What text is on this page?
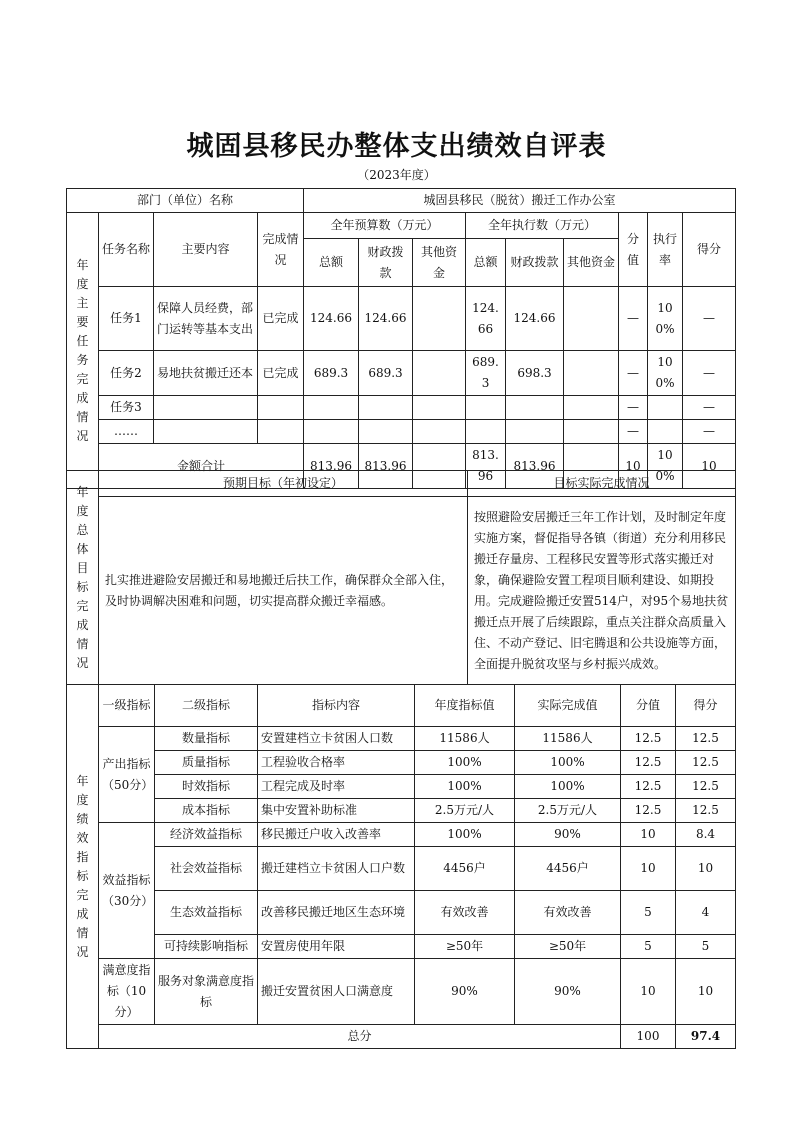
城固县移民办整体支出绩效自评表
（2023年度）
部门（单位）名称				城固县移民（脱贫）搬迁工作办公室								
年度主要任务完成情况	任务名称	主要内容	完成情况	全年预算数（万元）			全年执行数（万元）			分值	执行率	得分
				总额	财政拨款	其他资金	总额	财政拨款	其他资金			
	任务1	保障人员经费，部门运转等基本支出	已完成	124.66	124.66		124.66	124.66		—	100%	—
	任务2	易地扶贫搬迁还本	已完成	689.3	689.3		689.3	698.3		—	100%	—
	任务3									—		—
	……									—		—
	金额合计			813.96	813.96		813.96	813.96		10	100%	10
年度总体目标完成情况	预期目标（年初设定）	目标实际完成情况
	扎实推进避险安居搬迁和易地搬迁后扶工作，确保群众全部入住，及时协调解决困难和问题，切实提高群众搬迁幸福感。	按照避险安居搬迁三年工作计划，及时制定年度实施方案，督促指导各镇（街道）充分利用移民搬迁存量房、工程移民安置等形式落实搬迁对象，确保避险安置工程项目顺利建设、如期投用。完成避险搬迁安置514户，对95个易地扶贫搬迁点开展了后续跟踪，重点关注群众高质量入住、不动产登记、旧宅腾退和公共设施等方面，全面提升脱贫攻坚与乡村振兴成效。
年度绩效指标完成情况	一级指标	二级指标	指标内容	年度指标值	实际完成值	分值	得分
	产出指标（50分）	数量指标	安置建档立卡贫困人口数	11586人	11586人	12.5	12.5
		质量指标	工程验收合格率	100%	100%	12.5	12.5
		时效指标	工程完成及时率	100%	100%	12.5	12.5
		成本指标	集中安置补助标准	2.5万元/人	2.5万元/人	12.5	12.5
	效益指标（30分）	经济效益指标	移民搬迁户收入改善率	100%	90%	10	8.4
		社会效益指标	搬迁建档立卡贫困人口户数	4456户	4456户	10	10
		生态效益指标	改善移民搬迁地区生态环境	有效改善	有效改善	5	4
		可持续影响指标	安置房使用年限	≥50年	≥50年	5	5
	满意度指标（10分）	服务对象满意度指标	搬迁安置贫困人口满意度	90%	90%	10	10
	总分					100	97.4
